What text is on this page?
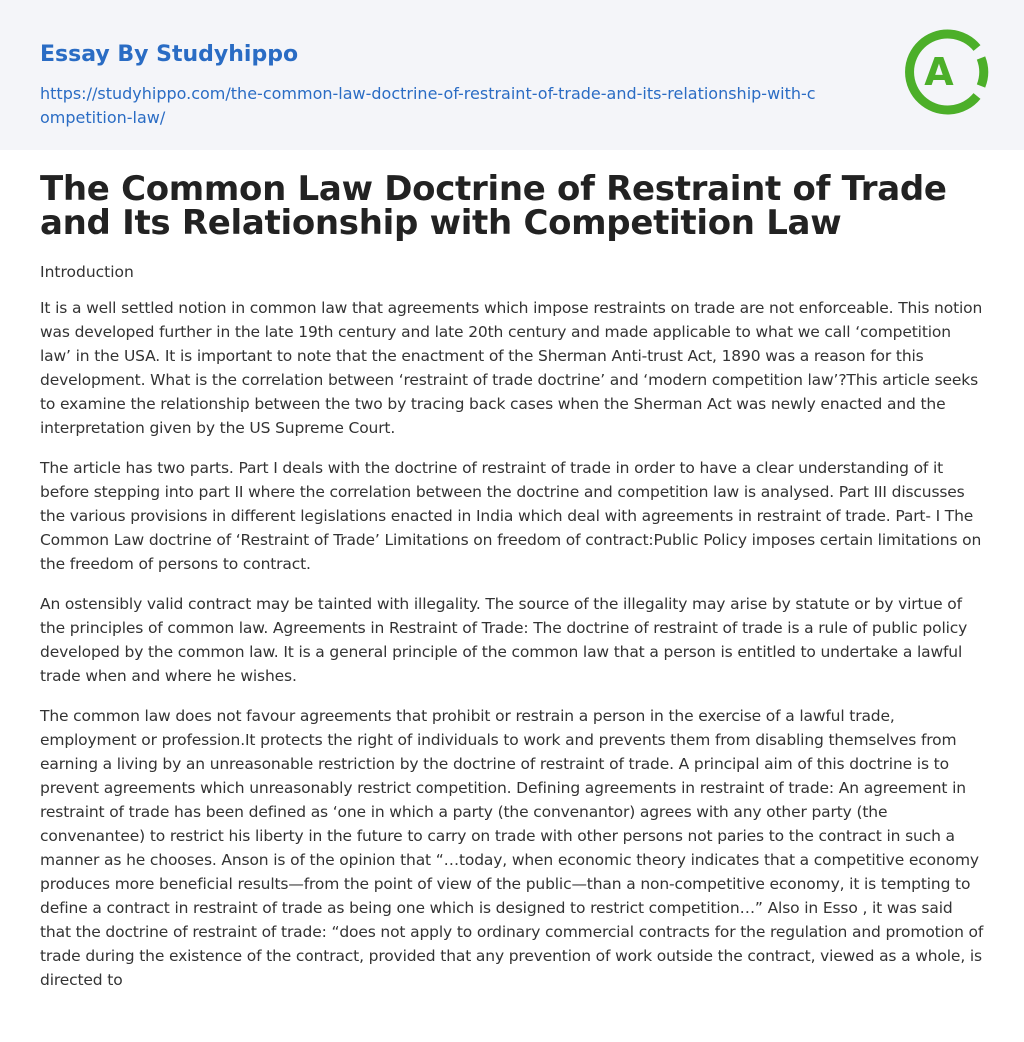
Essay By Studyhippo
https://studyhippo.com/the-common-law-doctrine-of-restraint-of-trade-and-its-relationship-with-competition-law/
A
The Common Law Doctrine of Restraint of Trade and Its Relationship with Competition Law

Introduction

It is a well settled notion in common law that agreements which impose restraints on trade are not enforceable. This notion was developed further in the late 19th century and late 20th century and made applicable to what we call ‘competition law’ in the USA. It is important to note that the enactment of the Sherman Anti-trust Act, 1890 was a reason for this development. What is the correlation between ‘restraint of trade doctrine’ and ‘modern competition law’?This article seeks to examine the relationship between the two by tracing back cases when the Sherman Act was newly enacted and the interpretation given by the US Supreme Court.

The article has two parts. Part I deals with the doctrine of restraint of trade in order to have a clear understanding of it before stepping into part II where the correlation between the doctrine and competition law is analysed. Part III discusses the various provisions in different legislations enacted in India which deal with agreements in restraint of trade. Part- I The Common Law doctrine of ‘Restraint of Trade’ Limitations on freedom of contract:Public Policy imposes certain limitations on the freedom of persons to contract.

An ostensibly valid contract may be tainted with illegality. The source of the illegality may arise by statute or by virtue of the principles of common law. Agreements in Restraint of Trade: The doctrine of restraint of trade is a rule of public policy developed by the common law. It is a general principle of the common law that a person is entitled to undertake a lawful trade when and where he wishes.

The common law does not favour agreements that prohibit or restrain a person in the exercise of a lawful trade, employment or profession.It protects the right of individuals to work and prevents them from disabling themselves from earning a living by an unreasonable restriction by the doctrine of restraint of trade. A principal aim of this doctrine is to prevent agreements which unreasonably restrict competition. Defining agreements in restraint of trade: An agreement in restraint of trade has been defined as ‘one in which a party (the convenantor) agrees with any other party (the convenantee) to restrict his liberty in the future to carry on trade with other persons not paries to the contract in such a manner as he chooses. Anson is of the opinion that “…today, when economic theory indicates that a competitive economy produces more beneficial results—from the point of view of the public—than a non-competitive economy, it is tempting to define a contract in restraint of trade as being one which is designed to restrict competition…” Also in Esso , it was said that the doctrine of restraint of trade: “does not apply to ordinary commercial contracts for the regulation and promotion of trade during the existence of the contract, provided that any prevention of work outside the contract, viewed as a whole, is directed to
